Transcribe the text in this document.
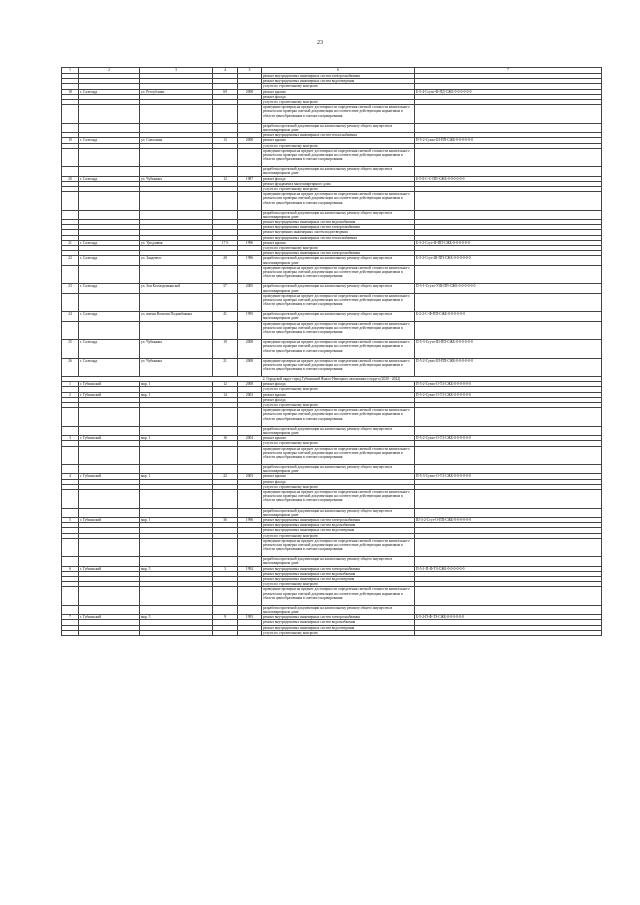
23
1	2	3	4	5	6	7
					ремонт внутридомовых инженерных систем электроснабжения	
					ремонт внутридомовых инженерных систем водоотведения	
					услуги по строительному контролю	
18	г. Салехард	ул. Республики	69	2008	ремонт крыши	Б-5-4-Сгуэо-Ф-ПД-СЖБ-0-0-0-0-0-0
					ремонт фасада	
					услуги по строительному контролю	
					проведение проверки на предмет достоверности определения сметной стоимости капитального ремонта или проверка сметной документации на соответствие действующим нормативам в области ценообразования в сметного нормирования	
					разработка проектной документации на капитальному ремонту общего имущества в многоквартирном доме	
					ремонт внутридомовых инженерных систем теплоснабжения	
19	г. Салехард	ул. Совхозная	13	2008	ремонт крыши	П-5-2-Сувэо-Ш-ПП-СЖБ-0-0-0-0-0-0
					услуги по строительному контролю	
					проведение проверки на предмет достоверности определения сметной стоимости капитального ремонта или проверка сметной документации на соответствие действующим нормативам в области ценообразования в сметного нормирования	
					разработка проектной документации на капитальному ремонту общего имущества в многоквартирном доме	
20	г. Салехард	ул. Чубынина	12	1987	ремонт фасада	Б-5-0-С-С-ПП-СЖБ-0-0-0-0-0-0
					ремонт фундамента многоквартирного дома	
					услуги по строительному контролю	
					проведение проверки на предмет достоверности определения сметной стоимости капитального ремонта или проверка сметной документации на соответствие действующим нормативам в области ценообразования в сметного нормирования	
					разработка проектной документации на капитальному ремонту общего имущества в многоквартирном доме	
					ремонт внутридомовых инженерных систем водоснабжения	
					ремонт внутридомовых инженерных систем электроснабжения	
					ремонт внутренних инженерных систем водоотведения	
					ремонт внутридомовых инженерных систем теплоснабжения	
21	г. Салехард	ул. Уродливая	17 б	1996	ремонт крыши	Б-3-2-Сгуэ-Ф-ПП-СЖБ-0-0-0-0-0-0
					услуги по строительному контролю	
					ремонт внутридомовых инженерных систем электроснабжения	
22	г. Салехард	ул. Зандевелс	20	1996	разработка проектной документации на капитальному ремонту общего имущества в многоквартирном доме	Б-3-2-Сгуэ-Ш-ПП-СЖБ-0-0-0-0-0-0
					проведение проверки на предмет достоверности определения сметной стоимости капитального ремонта или проверка сметной документации на соответствие действующим нормативам в области ценообразования в сметного нормирования	
23	г. Салехард	ул. Зои Космодемьянской	57	2005	разработка проектной документации на капитальному ремонту общего имущества в многоквартирном доме	П-5-1-Сгуэо-УШ-ПП-СЖБ-0-0-0-0-0-0
					проведение проверки на предмет достоверности определения сметной стоимости капитального ремонта или проверка сметной документации на соответствие действующим нормативам в области ценообразования в сметного нормирования	
24	г. Салехард	ул. имени Василия Подшибякина	41	1995	разработка проектной документации на капитальному ремонту общего имущества в многоквартирном доме	Б-2-2-С-Ф-ПП-СЖБ-0-0-0-0-0-0
					проведение проверки на предмет достоверности определения сметной стоимости капитального ремонта или проверка сметной документации на соответствие действующим нормативам в области ценообразования в сметного нормирования	
25	г. Салехард	ул. Чубынина	19	2008	проведение проверки на предмет достоверности определения сметной стоимости капитального ремонта или проверка сметной документации на соответствие действующим нормативам в области ценообразования в сметного нормирования	П-5-3-Сгуэо-Ш-ПП-СЖБ-0-0-0-0-0-0
26	г. Салехард	ул. Чубынина	21	2008	проведение проверки на предмет достоверности определения сметной стоимости капитального ремонта или проверка сметной документации на соответствие действующим нормативам в области ценообразования в сметного нормирования	П-5-2-Сувэо-Ш-ПП-СЖБ-0-0-0-0-0-0
2. Городской округ город Губкинский Ямало-Ненецкого автономного округа (2020 - 2022)						
1	г. Губкинский	мкр. 1	12	2008	ремонт фасада	П-5-2-Сувэо-О-ТЗ-СЖБ-0-0-0-0-0-0
					услуги по строительному контролю	
2	г. Губкинский	мкр. 1	14	2002	ремонт крыши	П-5-2-Сувэо-О-ТЗ-СЖБ-0-0-0-0-0-0
					ремонт фасада	
					услуги по строительному контролю	
					проведение проверки на предмет достоверности определения сметной стоимости капитального ремонта или проверка сметной документации на соответствие действующим нормативам в области ценообразования в сметного нормирования	
					разработка проектной документации на капитальному ремонту общего имущества в многоквартирном доме	
3	г. Губкинский	мкр. 1	16	2004	ремонт крыши	П-5-2-Сувэо-О-ТЗ-СЖБ-0-0-0-0-0-0
					услуги по строительному контролю	
					проведение проверки на предмет достоверности определения сметной стоимости капитального ремонта или проверка сметной документации на соответствие действующим нормативам в области ценообразования в сметного нормирования	
					разработка проектной документации на капитальному ремонту общего имущества в многоквартирном доме	
4	г. Губкинский	мкр. 1	22	2003	ремонт крыши	П-5-3-Сувэо-О-ТЗ-СЖБ-0-0-0-0-0-0
					ремонт фасада	
					услуги по строительному контролю	
					проведение проверки на предмет достоверности определения сметной стоимости капитального ремонта или проверка сметной документации на соответствие действующим нормативам в области ценообразования в сметного нормирования	
					разработка проектной документации на капитальному ремонту общего имущества в многоквартирном доме	
5	г. Губкинский	мкр. 1	36	1996	ремонт внутридомовых инженерных систем электроснабжения	Ш-3-2-Сгуэ-О-ПП-СЖБ-0-0-0-0-0-0
					ремонт внутридомовых инженерных систем водоснабжения	
					ремонт внутридомовых инженерных систем водоотведения	
					услуги по строительному контролю	
					проведение проверки на предмет достоверности определения сметной стоимости капитального ремонта или проверка сметной документации на соответствие действующим нормативам в области ценообразования в сметного нормирования	
					разработка проектной документации на капитальному ремонту общего имущества в многоквартирном доме	
6	г. Губкинский	мкр. 5	3	1992	ремонт внутридомовых инженерных систем электроснабжения	П-5-1-П-Ф-ТЗ-СЖБ-0-0-0-0-0-0
					ремонт внутридомовых инженерных систем водоснабжения	
					ремонт внутридомовых инженерных систем водоотведения	
					услуги по строительному контролю	
					проведение проверки на предмет достоверности определения сметной стоимости капитального ремонта или проверка сметной документации на соответствие действующим нормативам в области ценообразования в сметного нормирования	
					разработка проектной документации на капитальному ремонту общего имущества в многоквартирном доме	
7	г. Губкинский	мкр. 5	9	1993	ремонт внутридомовых инженерных систем электроснабжения	Б-5-2-П-Ф-ТЗ-СЖБ-0-0-0-0-0-0
					ремонт внутридомовых инженерных систем водоснабжения	
					ремонт внутридомовых инженерных систем водоотведения	
					услуги по строительному контролю	
